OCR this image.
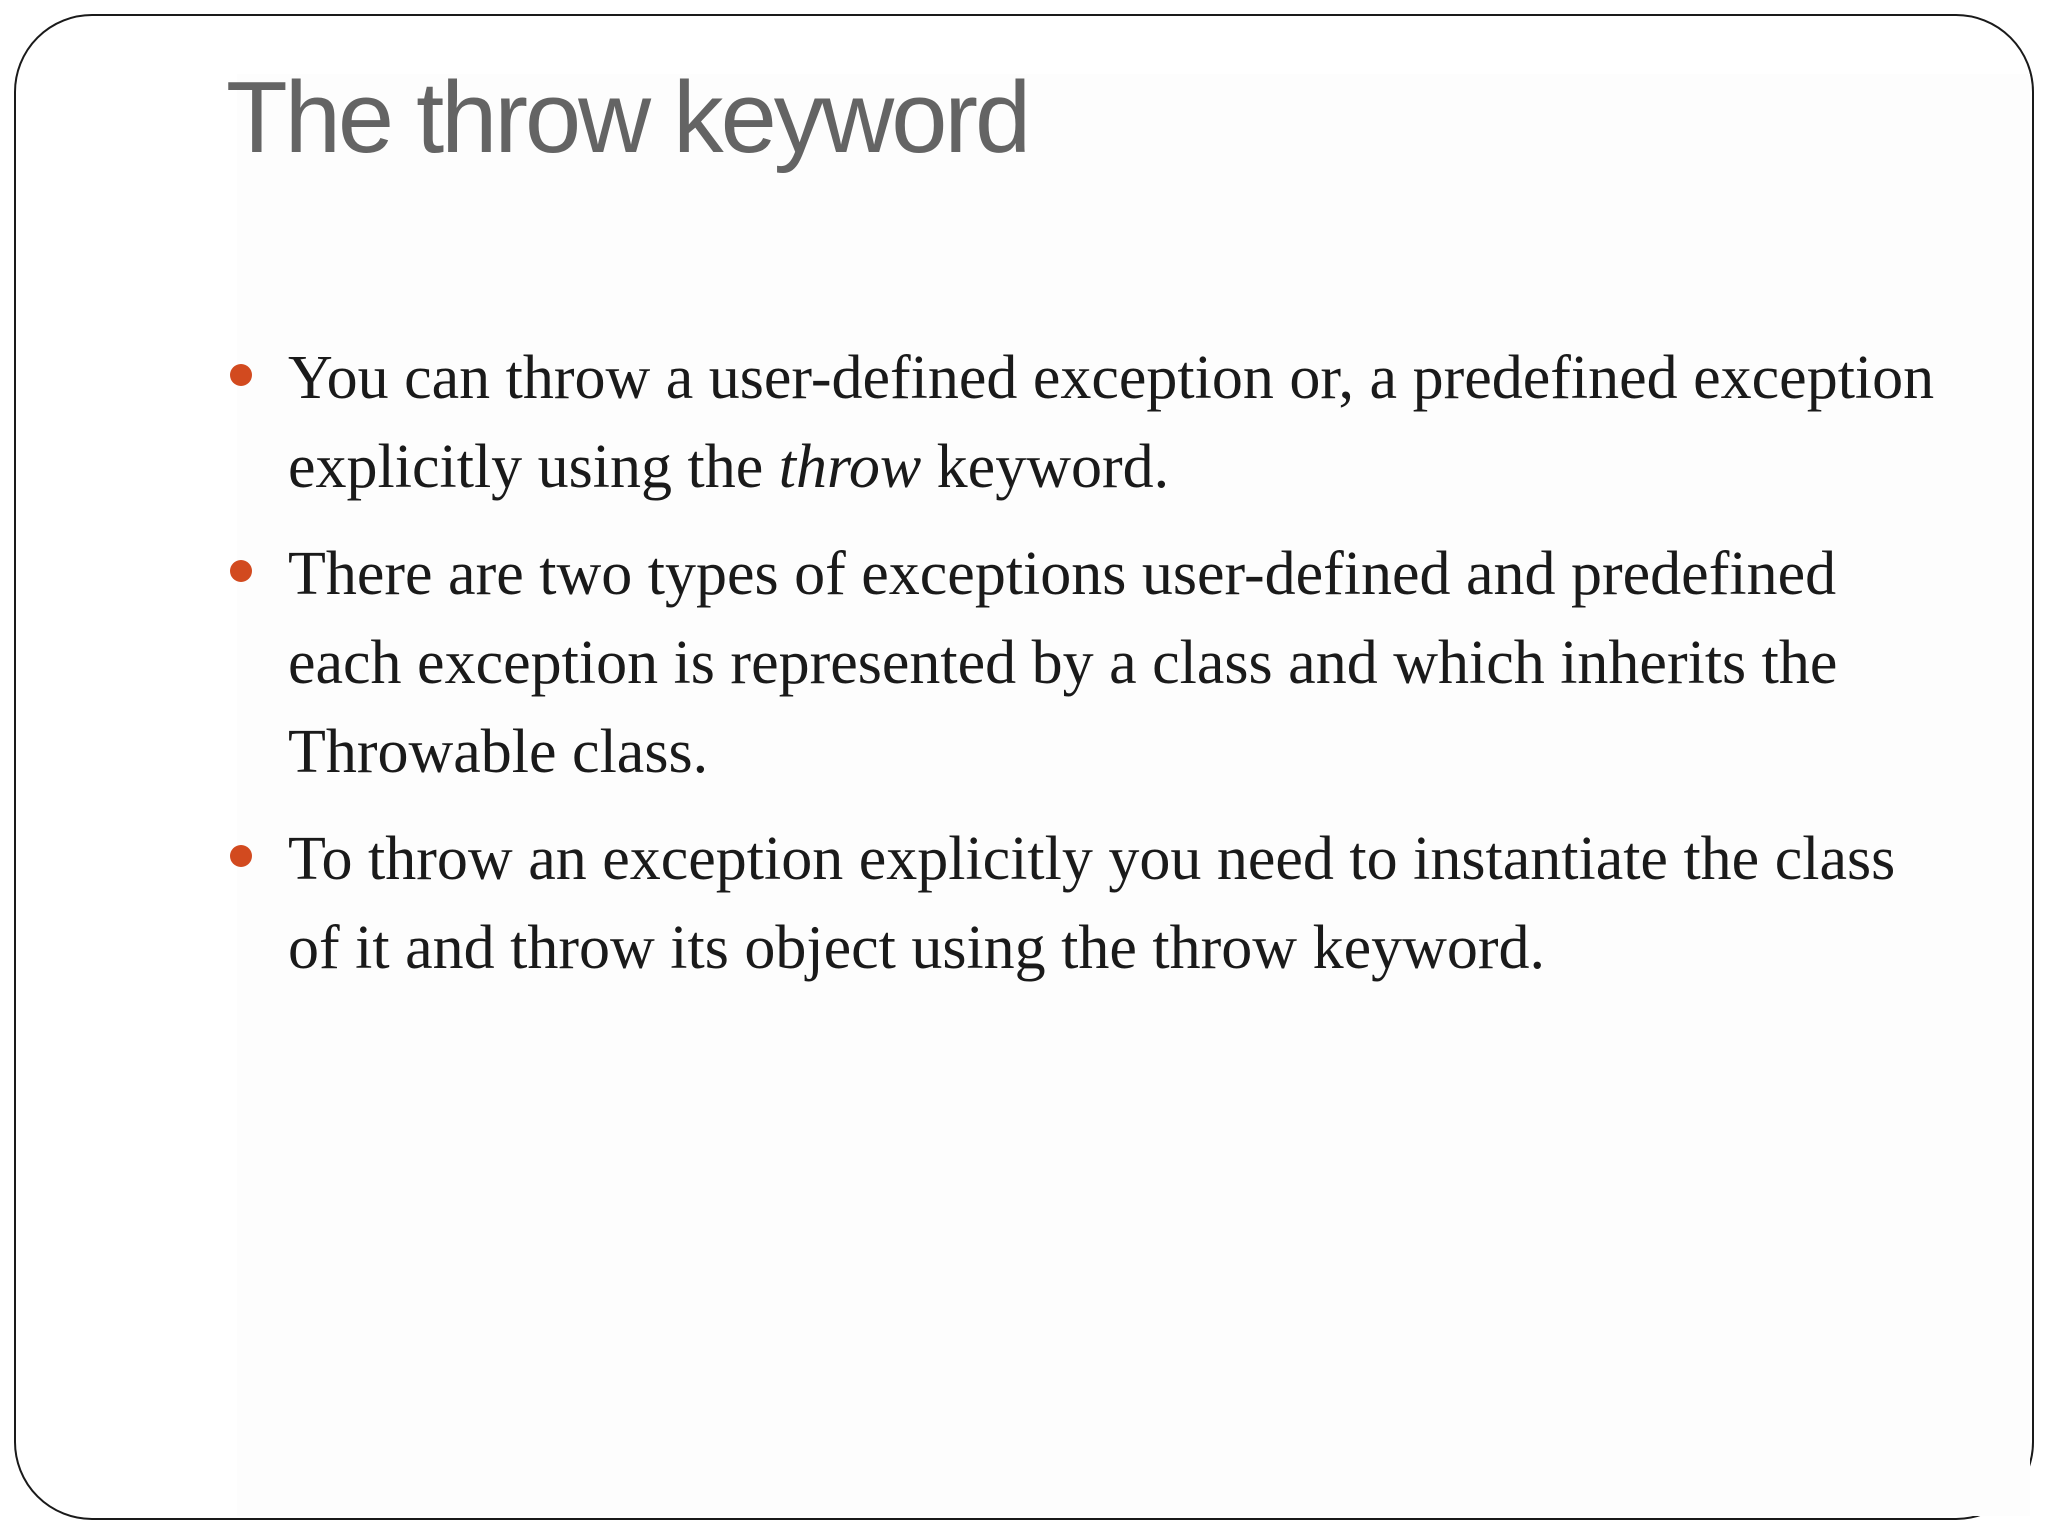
The throw keyword
You can throw a user-defined exception or, a predefined exception explicitly using the throw keyword.
There are two types of exceptions user-defined and predefined each exception is represented by a class and which inherits the Throwable class.
To throw an exception explicitly you need to instantiate the class of it and throw its object using the throw keyword.
